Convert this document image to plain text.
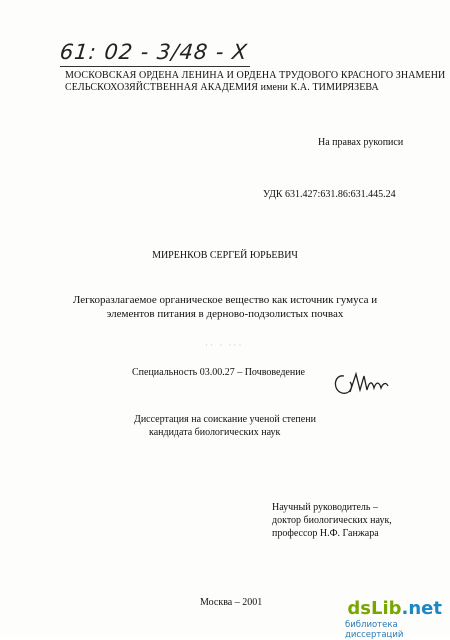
61: 02 - 3/48 - X
МОСКОВСКАЯ ОРДЕНА ЛЕНИНА И ОРДЕНА ТРУДОВОГО КРАСНОГО ЗНАМЕНИ
СЕЛЬСКОХОЗЯЙСТВЕННАЯ АКАДЕМИЯ имени К.А. ТИМИРЯЗЕВА
На правах рукописи
УДК 631.427:631.86:631.445.24
МИРЕНКОВ СЕРГЕЙ ЮРЬЕВИЧ
Легкоразлагаемое органическое вещество как источник гумуса и
элементов питания в дерново-подзолистых почвах
·· · ···
Специальность 03.00.27 – Почвоведение
Диссертация на соискание ученой степени
кандидата биологических наук
Научный руководитель –
доктор биологических наук,
профессор Н.Ф. Ганжара
Москва – 2001	dsLib.net
библиотека диссертаций
